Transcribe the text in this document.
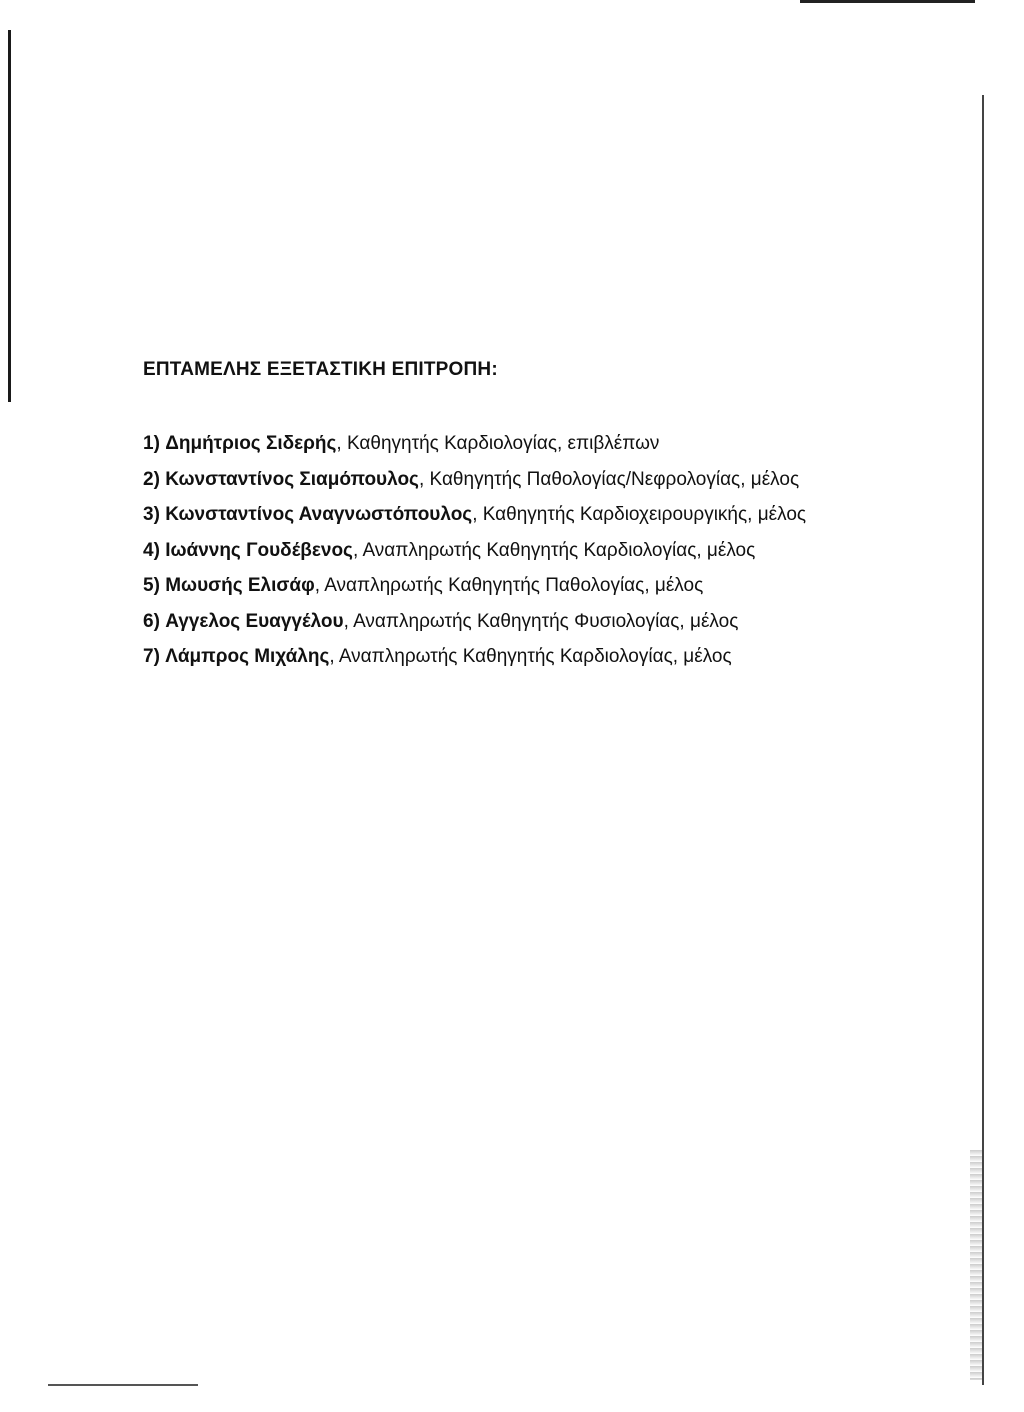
ΕΠΤΑΜΕΛΗΣ ΕΞΕΤΑΣΤΙΚΗ ΕΠΙΤΡΟΠΗ:
1) Δημήτριος Σιδερής, Καθηγητής Καρδιολογίας, επιβλέπων
2) Κωνσταντίνος Σιαμόπουλος, Καθηγητής Παθολογίας/Νεφρολογίας, μέλος
3) Κωνσταντίνος Αναγνωστόπουλος, Καθηγητής Καρδιοχειρουργικής, μέλος
4) Ιωάννης Γουδέβενος, Αναπληρωτής Καθηγητής Καρδιολογίας, μέλος
5) Μωυσής Ελισάφ, Αναπληρωτής Καθηγητής Παθολογίας, μέλος
6) Αγγελος Ευαγγέλου, Αναπληρωτής Καθηγητής Φυσιολογίας, μέλος
7) Λάμπρος Μιχάλης, Αναπληρωτής Καθηγητής Καρδιολογίας, μέλος
